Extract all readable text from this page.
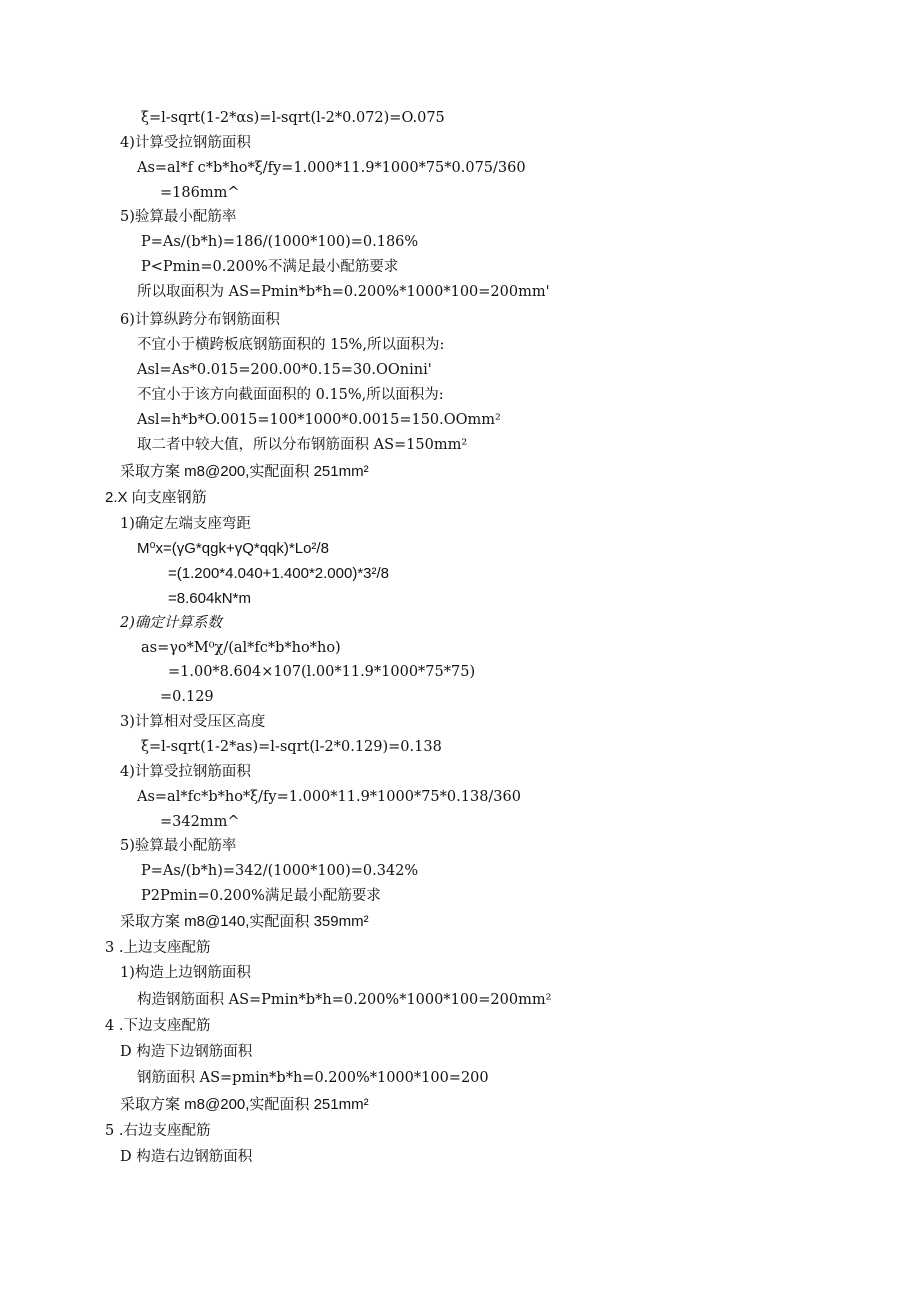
ξ=l-sqrt(1-2*αs)=l-sqrt(l-2*0.072)=O.075
4)计算受拉钢筋面积
As=al*f c*b*ho*ξ/fy=1.000*11.9*1000*75*0.075/360
=186mm^
5)验算最小配筋率
P=As/(b*h)=186/(1000*100)=0.186%
P<Pmin=0.200%不满足最小配筋要求
所以取面积为 AS=Pmin*b*h=0.200%*1000*100=200mm'
6)计算纵跨分布钢筋面积
不宜小于横跨板底钢筋面积的 15%,所以面积为:
Asl=As*0.015=200.00*0.15=30.OOnini'
不宜小于该方向截面面积的 0.15%,所以面积为:
Asl=h*b*O.0015=100*1000*0.0015=150.OOmm²
取二者中较大值，所以分布钢筋面积 AS=150mm²
采取方案 m8@200,实配面积 251mm²
2.X 向支座钢筋
1)确定左端支座弯距
M⁰x=(γG*qgk+γQ*qqk)*Lo²/8
=(1.200*4.040+1.400*2.000)*3²/8
=8.604kN*m
2)确定计算系数
as=γo*M⁰χ/(al*fc*b*ho*ho)
=1.00*8.604×107(l.00*11.9*1000*75*75)
=0.129
3)计算相对受压区高度
ξ=l-sqrt(1-2*as)=l-sqrt(l-2*0.129)=0.138
4)计算受拉钢筋面积
As=al*fc*b*ho*ξ/fy=1.000*11.9*1000*75*0.138/360
=342mm^
5)验算最小配筋率
P=As/(b*h)=342/(1000*100)=0.342%
P2Pmin=0.200%满足最小配筋要求
采取方案 m8@140,实配面积 359mm²
3 .上边支座配筋
1)构造上边钢筋面积
构造钢筋面积 AS=Pmin*b*h=0.200%*1000*100=200mm²
4 .下边支座配筋
D 构造下边钢筋面积
钢筋面积 AS=pmin*b*h=0.200%*1000*100=200
采取方案 m8@200,实配面积 251mm²
5 .右边支座配筋
D 构造右边钢筋面积
